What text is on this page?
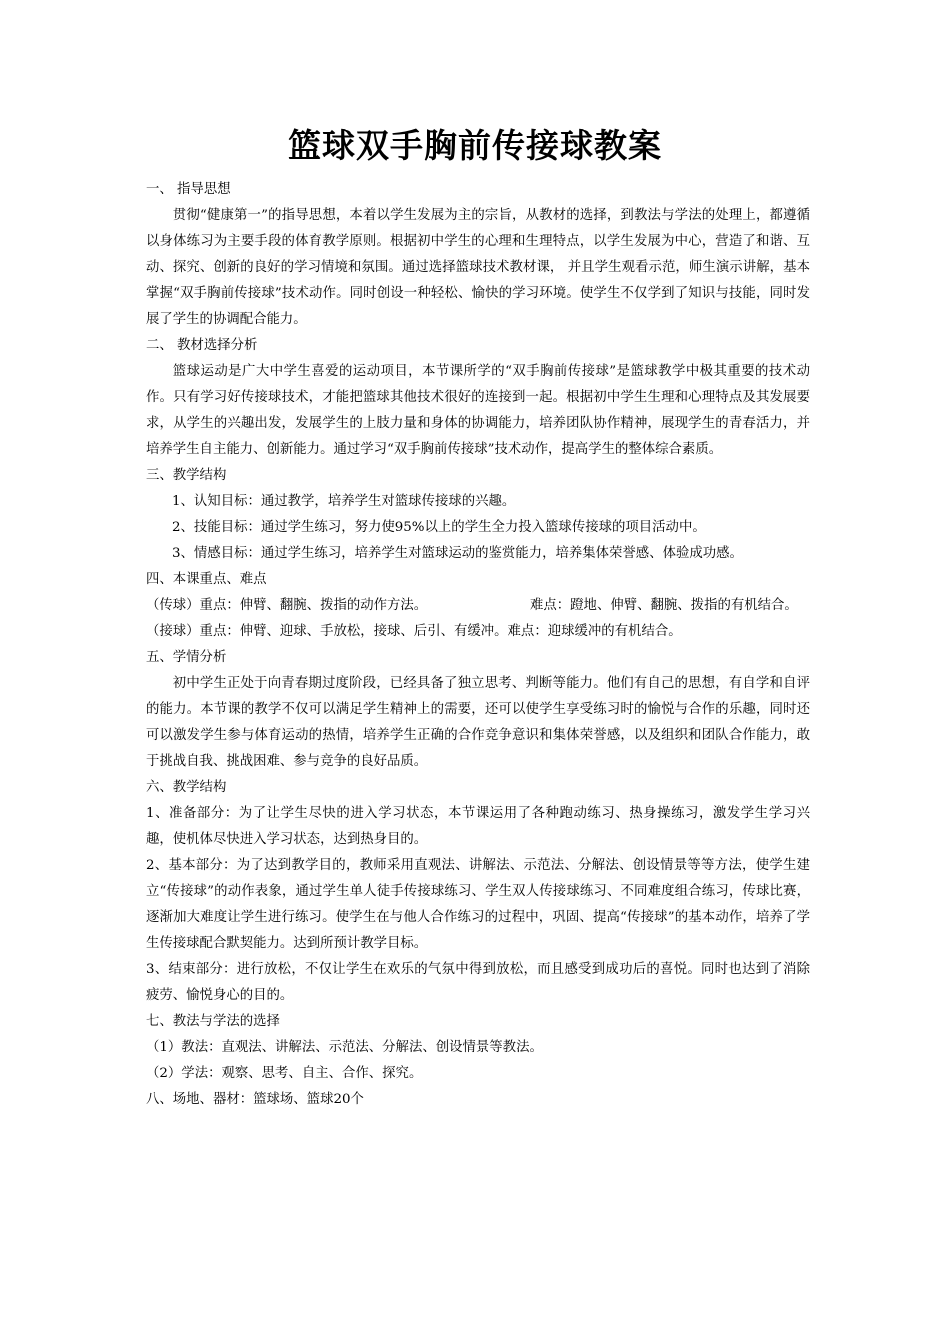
篮球双手胸前传接球教案

一、 指导思想

贯彻“健康第一”的指导思想，本着以学生发展为主的宗旨，从教材的选择，到教法与学法的处理上，都遵循以身体练习为主要手段的体育教学原则。根据初中学生的心理和生理特点，以学生发展为中心，营造了和谐、互动、探究、创新的良好的学习情境和氛围。通过选择篮球技术教材课， 并且学生观看示范，师生演示讲解，基本掌握“双手胸前传接球”技术动作。同时创设一种轻松、愉快的学习环境。使学生不仅学到了知识与技能，同时发展了学生的协调配合能力。

二、 教材选择分析

篮球运动是广大中学生喜爱的运动项目，本节课所学的“双手胸前传接球”是篮球教学中极其重要的技术动作。只有学习好传接球技术，才能把篮球其他技术很好的连接到一起。根据初中学生生理和心理特点及其发展要求，从学生的兴趣出发，发展学生的上肢力量和身体的协调能力，培养团队协作精神，展现学生的青春活力，并培养学生自主能力、创新能力。通过学习“双手胸前传接球”技术动作，提高学生的整体综合素质。

三、教学结构

1、认知目标：通过教学，培养学生对篮球传接球的兴趣。

2、技能目标：通过学生练习，努力使95%以上的学生全力投入篮球传接球的项目活动中。

3、情感目标：通过学生练习，培养学生对篮球运动的鉴赏能力，培养集体荣誉感、体验成功感。

四、本课重点、难点

（传球）重点：伸臂、翻腕、拨指的动作方法。	难点：蹬地、伸臂、翻腕、拨指的有机结合。

（接球）重点：伸臂、迎球、手放松，接球、后引、有缓冲。难点：迎球缓冲的有机结合。

五、学情分析

初中学生正处于向青春期过度阶段，已经具备了独立思考、判断等能力。他们有自己的思想，有自学和自评的能力。本节课的教学不仅可以满足学生精神上的需要，还可以使学生享受练习时的愉悦与合作的乐趣，同时还可以激发学生参与体育运动的热情，培养学生正确的合作竞争意识和集体荣誉感，以及组织和团队合作能力，敢于挑战自我、挑战困难、参与竞争的良好品质。

六、教学结构

1、准备部分：为了让学生尽快的进入学习状态，本节课运用了各种跑动练习、热身操练习，激发学生学习兴趣，使机体尽快进入学习状态，达到热身目的。

2、基本部分：为了达到教学目的，教师采用直观法、讲解法、示范法、分解法、创设情景等等方法，使学生建立“传接球”的动作表象，通过学生单人徒手传接球练习、学生双人传接球练习、不同难度组合练习，传球比赛，逐渐加大难度让学生进行练习。使学生在与他人合作练习的过程中，巩固、提高“传接球”的基本动作，培养了学生传接球配合默契能力。达到所预计教学目标。

3、结束部分：进行放松，不仅让学生在欢乐的气氛中得到放松，而且感受到成功后的喜悦。同时也达到了消除疲劳、愉悦身心的目的。

七、教法与学法的选择

（1）教法：直观法、讲解法、示范法、分解法、创设情景等教法。

（2）学法：观察、思考、自主、合作、探究。

八、场地、器材：篮球场、篮球20个
